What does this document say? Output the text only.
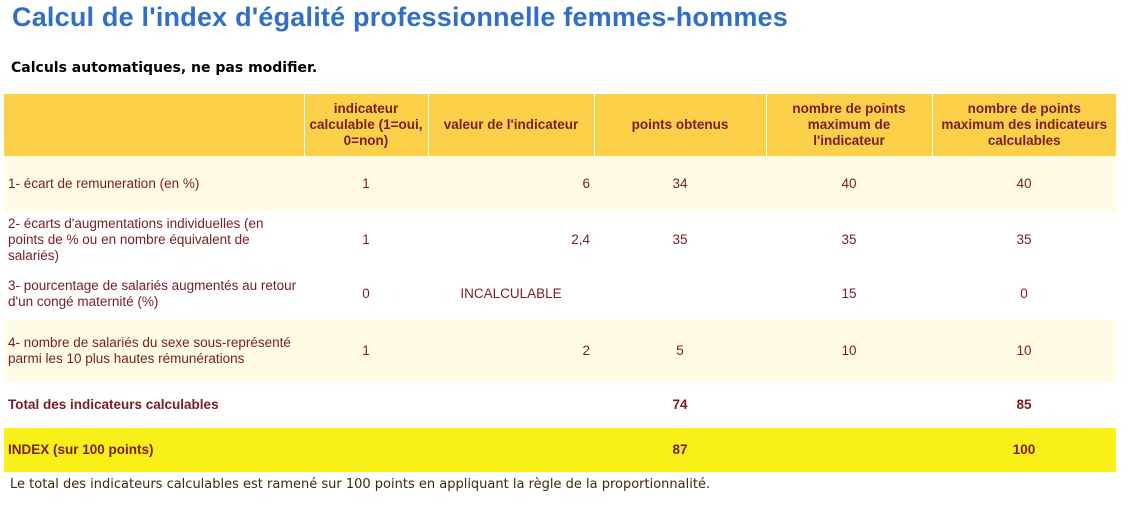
Calcul de l'index d'égalité professionnelle femmes-hommes
Calculs automatiques, ne pas modifier.
	indicateur calculable (1=oui, 0=non)	valeur de l'indicateur	points obtenus	nombre de points maximum de l'indicateur	nombre de points maximum des indicateurs calculables
1- écart de remuneration (en %)	1	6	34	40	40
2- écarts d'augmentations individuelles (en points de % ou en nombre équivalent de salariés)	1	2,4	35	35	35
3- pourcentage de salariés augmentés au retour d'un congé maternité (%)	0	INCALCULABLE		15	0
4- nombre de salariés du sexe sous-représenté parmi les 10 plus hautes rémunérations	1	2	5	10	10
Total des indicateurs calculables			74		85
INDEX (sur 100 points)			87		100
Le total des indicateurs calculables est ramené sur 100 points en appliquant la règle de la proportionnalité.
